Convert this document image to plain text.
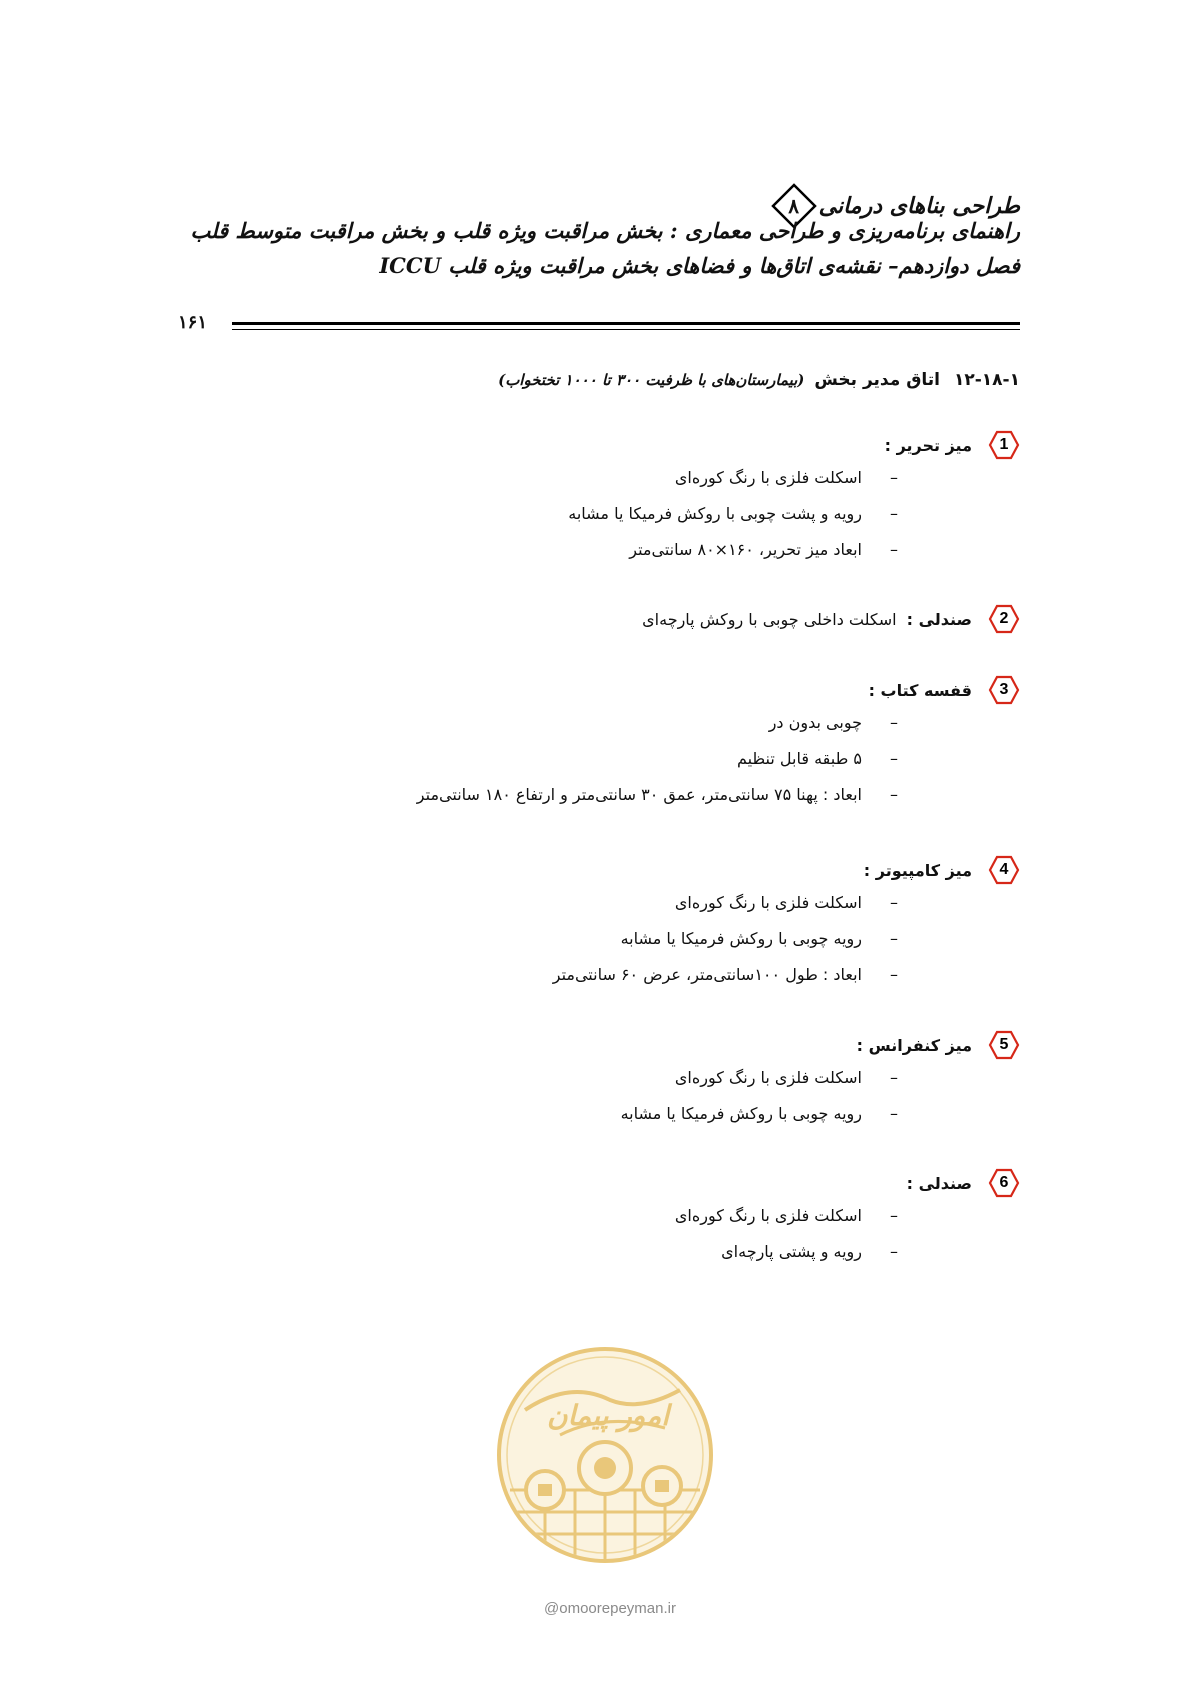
طراحی بناهای درمانی
۸
راهنمای برنامه‌ریزی و طراحی معماری : بخش مراقبت ویژه قلب و بخش مراقبت متوسط قلب
فصل دوازدهم– نقشه‌ی اتاق‌ها و فضاهای بخش مراقبت ویژه قلب ICCU
۱۶۱
۱۲-۱۸-۱اتاق مدیر بخش(بیمارستان‌های با ظرفیت ۳۰۰ تا ۱۰۰۰ تختخواب)
1
میز تحریر :
–
اسکلت فلزی با رنگ کوره‌ای
–
رویه و پشت چوبی با روکش فرمیکا یا مشابه
–
ابعاد میز تحریر، ۱۶۰×۸۰ سانتی‌متر
2
صندلی :
اسکلت داخلی چوبی با روکش پارچه‌ای
3
قفسه کتاب :
–
چوبی بدون در
–
۵ طبقه قابل تنظیم
–
ابعاد : پهنا ۷۵ سانتی‌متر، عمق ۳۰ سانتی‌متر و ارتفاع ۱۸۰ سانتی‌متر
4
میز کامپیوتر :
–
اسکلت فلزی با رنگ کوره‌ای
–
رویه چوبی با روکش فرمیکا یا مشابه
–
ابعاد : طول ۱۰۰سانتی‌متر، عرض ۶۰ سانتی‌متر
5
میز کنفرانس :
–
اسکلت فلزی با رنگ کوره‌ای
–
رویه چوبی با روکش فرمیکا یا مشابه
6
صندلی :
–
اسکلت فلزی با رنگ کوره‌ای
–
رویه و پشتی پارچه‌ای
امور پیمان
@omoorepeyman.ir
